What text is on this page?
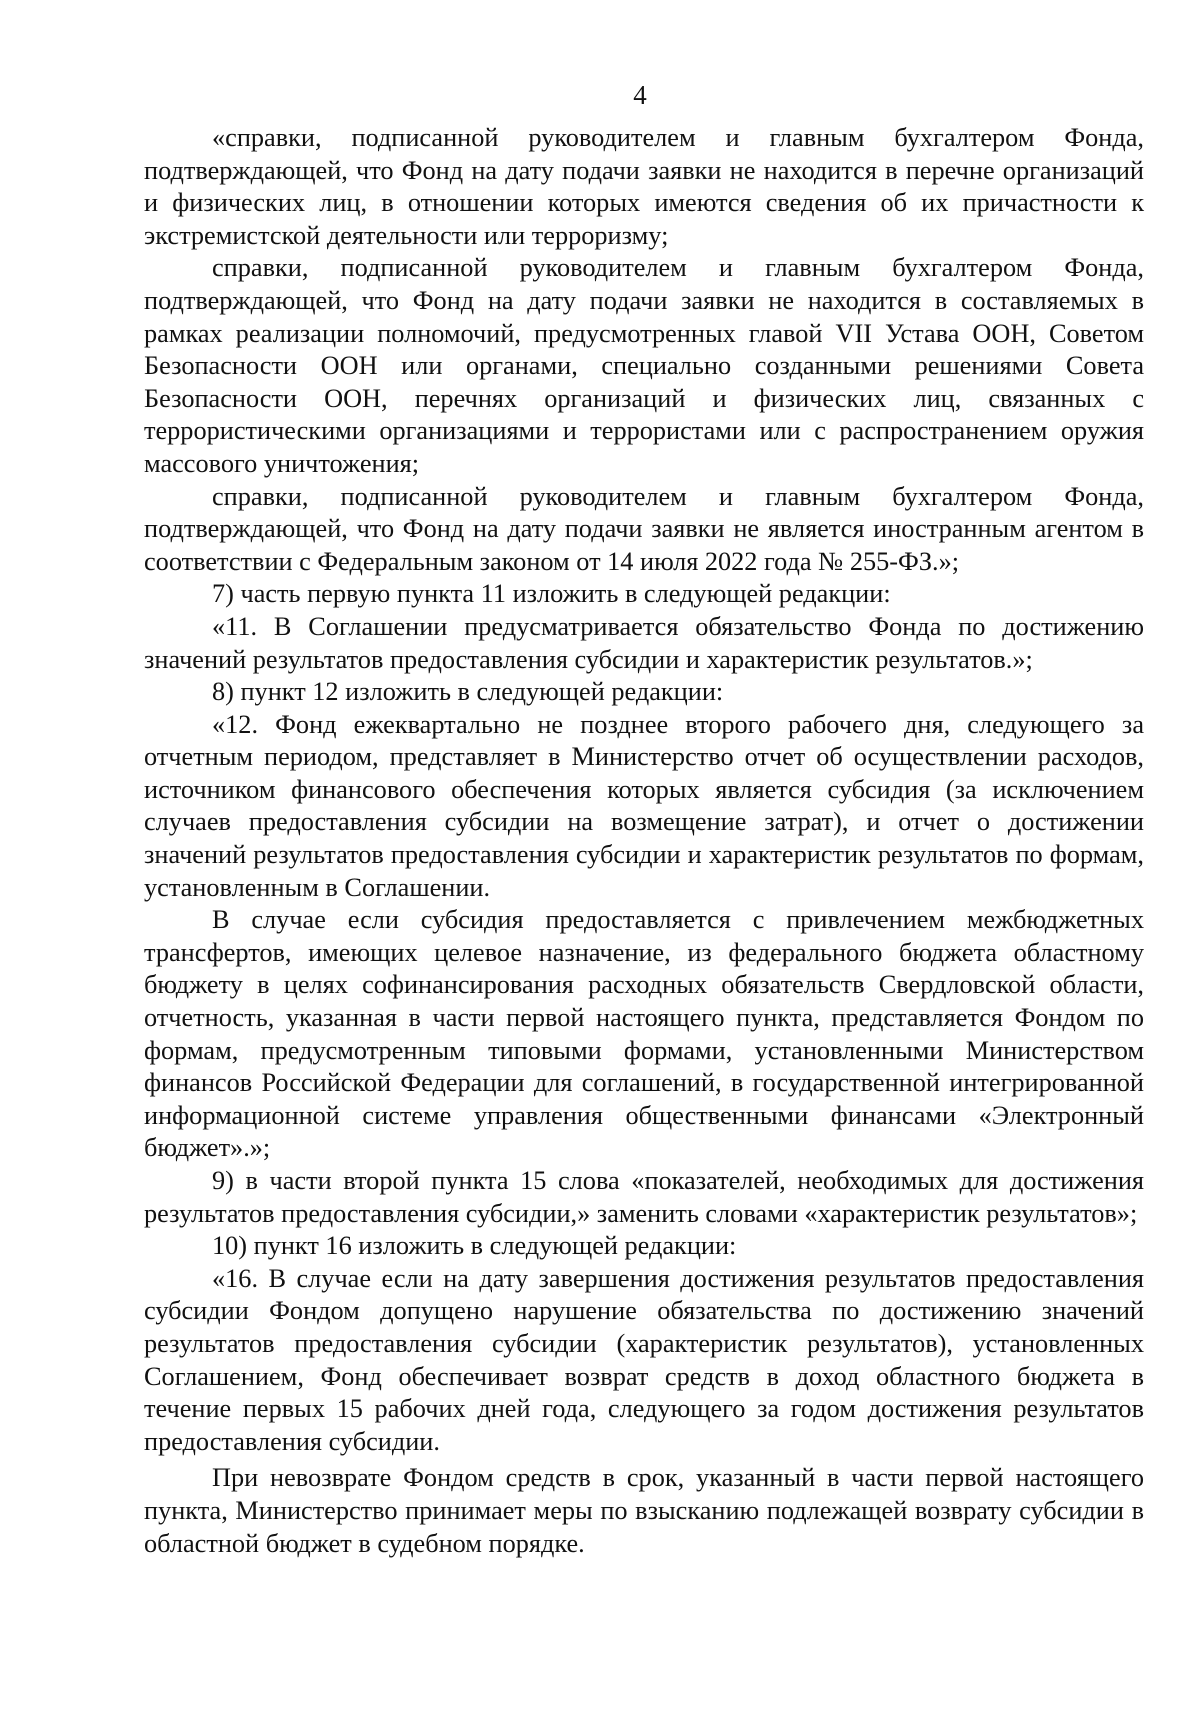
4

«справки, подписанной руководителем и главным бухгалтером Фонда, подтверждающей, что Фонд на дату подачи заявки не находится в перечне организаций и физических лиц, в отношении которых имеются сведения об их причастности к экстремистской деятельности или терроризму;

справки, подписанной руководителем и главным бухгалтером Фонда, подтверждающей, что Фонд на дату подачи заявки не находится в составляемых в рамках реализации полномочий, предусмотренных главой VII Устава ООН, Советом Безопасности ООН или органами, специально созданными решениями Совета Безопасности ООН, перечнях организаций и физических лиц, связанных с террористическими организациями и террористами или с распространением оружия массового уничтожения;

справки, подписанной руководителем и главным бухгалтером Фонда, подтверждающей, что Фонд на дату подачи заявки не является иностранным агентом в соответствии с Федеральным законом от 14 июля 2022 года № 255-ФЗ.»;

7) часть первую пункта 11 изложить в следующей редакции:

«11. В Соглашении предусматривается обязательство Фонда по достижению значений результатов предоставления субсидии и характеристик результатов.»;

8) пункт 12 изложить в следующей редакции:

«12. Фонд ежеквартально не позднее второго рабочего дня, следующего за отчетным периодом, представляет в Министерство отчет об осуществлении расходов, источником финансового обеспечения которых является субсидия (за исключением случаев предоставления субсидии на возмещение затрат), и отчет о достижении значений результатов предоставления субсидии и характеристик результатов по формам, установленным в Соглашении.

В случае если субсидия предоставляется с привлечением межбюджетных трансфертов, имеющих целевое назначение, из федерального бюджета областному бюджету в целях софинансирования расходных обязательств Свердловской области, отчетность, указанная в части первой настоящего пункта, представляется Фондом по формам, предусмотренным типовыми формами, установленными Министерством финансов Российской Федерации для соглашений, в государственной интегрированной информационной системе управления общественными финансами «Электронный бюджет».»;

9) в части второй пункта 15 слова «показателей, необходимых для достижения результатов предоставления субсидии,» заменить словами «характеристик результатов»;

10) пункт 16 изложить в следующей редакции:

«16. В случае если на дату завершения достижения результатов предоставления субсидии Фондом допущено нарушение обязательства по достижению значений результатов предоставления субсидии (характеристик результатов), установленных Соглашением, Фонд обеспечивает возврат средств в доход областного бюджета в течение первых 15 рабочих дней года, следующего за годом достижения результатов предоставления субсидии.

При невозврате Фондом средств в срок, указанный в части первой настоящего пункта, Министерство принимает меры по взысканию подлежащей возврату субсидии в областной бюджет в судебном порядке.
